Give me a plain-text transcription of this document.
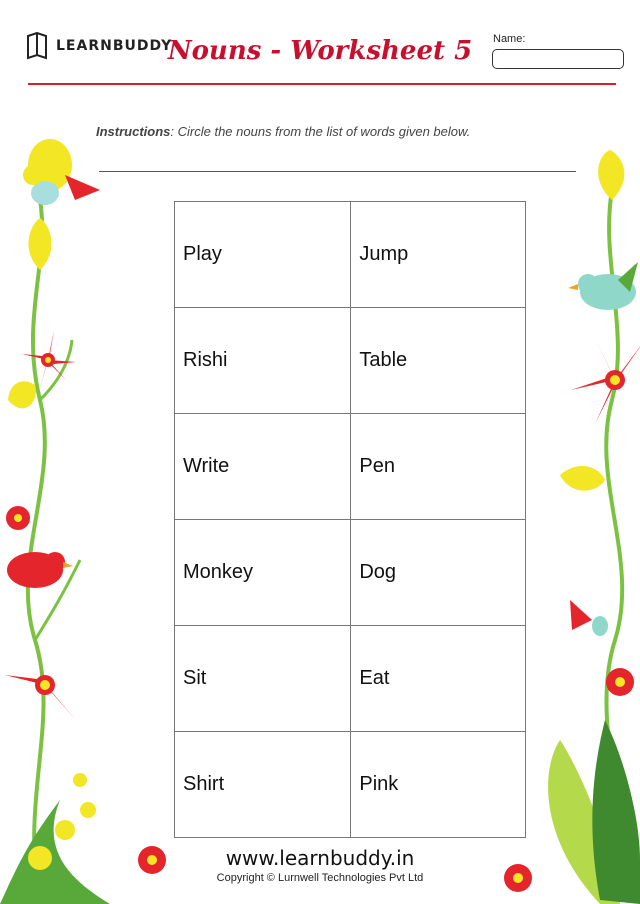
LEARNBUDDY
Nouns - Worksheet 5	Name:
Instructions: Circle the nouns from the list of words given below.
Play	Jump
Rishi	Table
Write	Pen
Monkey	Dog
Sit	Eat
Shirt	Pink
www.learnbuddy.in
Copyright © Lurnwell Technologies Pvt Ltd
